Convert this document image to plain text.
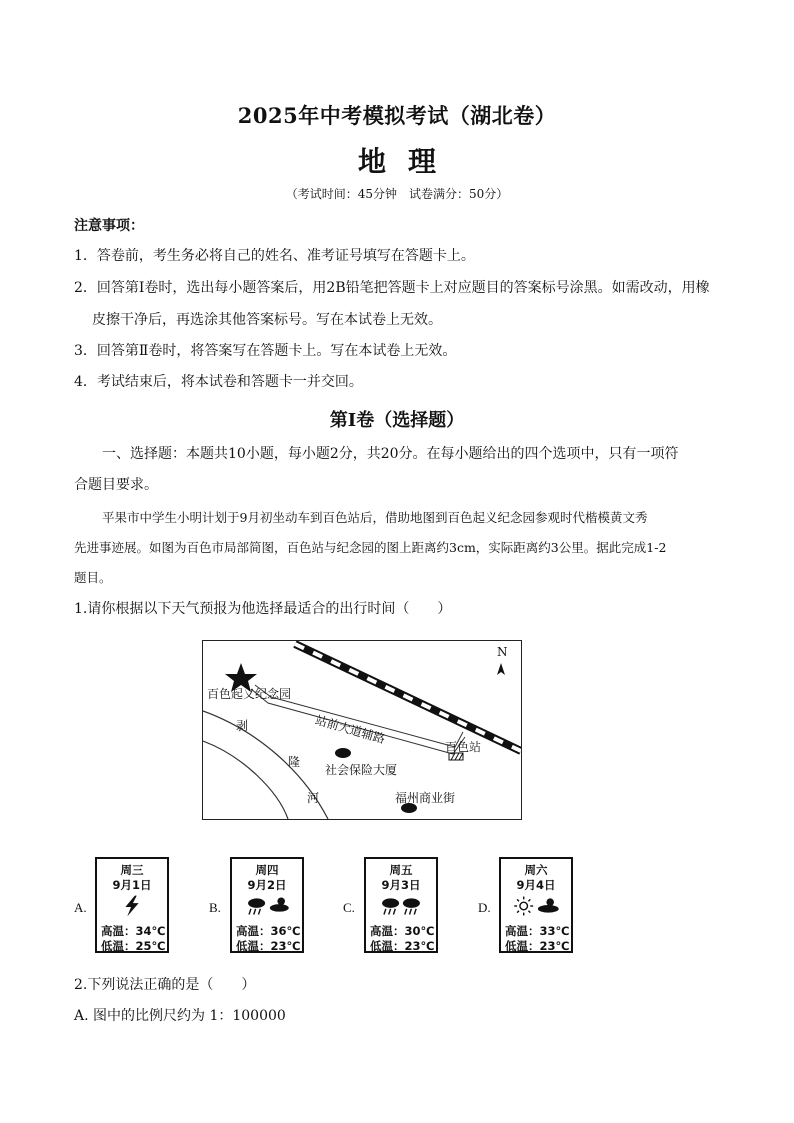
2025年中考模拟考试（湖北卷）
地理
（考试时间：45分钟　试卷满分：50分）
注意事项：
1．答卷前，考生务必将自己的姓名、准考证号填写在答题卡上。
2．回答第Ⅰ卷时，选出每小题答案后，用2B铅笔把答题卡上对应题目的答案标号涂黑。如需改动，用橡
皮擦干净后，再选涂其他答案标号。写在本试卷上无效。
3．回答第Ⅱ卷时，将答案写在答题卡上。写在本试卷上无效。
4．考试结束后，将本试卷和答题卡一并交回。
第Ⅰ卷（选择题）
一、选择题：本题共10小题，每小题2分，共20分。在每小题给出的四个选项中，只有一项符
合题目要求。
平果市中学生小明计划于9月初坐动车到百色站后，借助地图到百色起义纪念园参观时代楷模黄文秀
先进事迹展。如图为百色市局部简图，百色站与纪念园的图上距离约3cm，实际距离约3公里。据此完成1-2
题目。
1.请你根据以下天气预报为他选择最适合的出行时间（　　）
N
百色起义纪念园
站前大道辅路
百色站
社会保险大厦
福州商业街
剥
隆
河
A.
周三
9月1日
高温：34℃
低温：25℃
B.
周四
9月2日
高温：36℃
低温：23℃
C.
周五
9月3日
高温：30℃
低温：23℃
D.
周六
9月4日
高温：33℃
低温：23℃
2.下列说法正确的是（　　）
A. 图中的比例尺约为 1：100000
